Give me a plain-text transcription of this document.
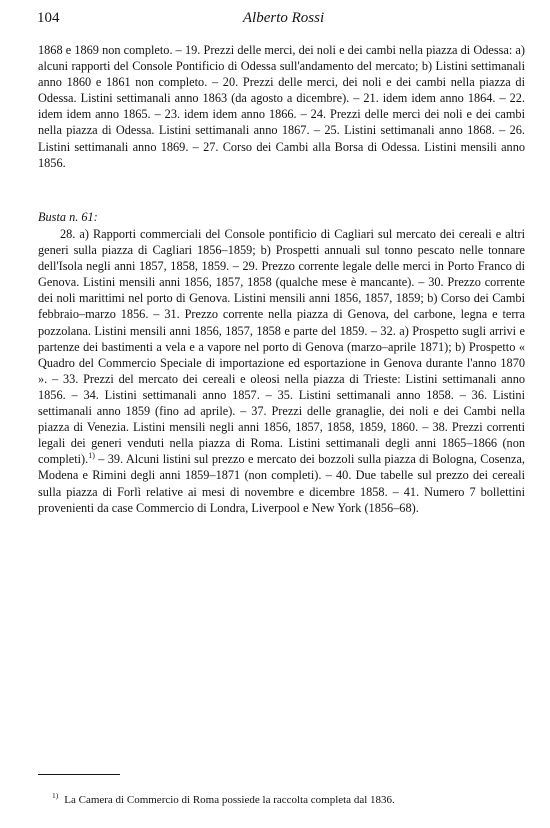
104	Alberto Rossi

1868 e 1869 non completo. – 19. Prezzi delle merci, dei noli e dei cambi nella piazza di Odessa: a) alcuni rapporti del Console Pontificio di Odessa sull'andamento del mercato; b) Listini settimanali anno 1860 e 1861 non completo. – 20. Prezzi delle merci, dei noli e dei cambi nella piazza di Odessa. Listini settimanali anno 1863 (da agosto a dicembre). – 21. idem idem anno 1864. – 22. idem idem anno 1865. – 23. idem idem anno 1866. – 24. Prezzi delle merci dei noli e dei cambi nella piazza di Odessa. Listini settimanali anno 1867. – 25. Listini settimanali anno 1868. – 26. Listini settimanali anno 1869. – 27. Corso dei Cambi alla Borsa di Odessa. Listini mensili anno 1856.

Busta n. 61:

28. a) Rapporti commerciali del Console pontificio di Cagliari sul mercato dei cereali e altri generi sulla piazza di Cagliari 1856–1859; b) Prospetti annuali sul tonno pescato nelle tonnare dell'Isola negli anni 1857, 1858, 1859. – 29. Prezzo corrente legale delle merci in Porto Franco di Genova. Listini mensili anni 1856, 1857, 1858 (qualche mese è mancante). – 30. Prezzo corrente dei noli marittimi nel porto di Genova. Listini mensili anni 1856, 1857, 1859; b) Corso dei Cambi febbraio–marzo 1856. – 31. Prezzo corrente nella piazza di Genova, del carbone, legna e terra pozzolana. Listini mensili anni 1856, 1857, 1858 e parte del 1859. – 32. a) Prospetto sugli arrivi e partenze dei bastimenti a vela e a vapore nel porto di Genova (marzo–aprile 1871); b) Prospetto « Quadro del Commercio Speciale di importazione ed esportazione in Genova durante l'anno 1870 ». – 33. Prezzi del mercato dei cereali e oleosi nella piazza di Trieste: Listini settimanali anno 1856. – 34. Listini settimanali anno 1857. – 35. Listini settimanali anno 1858. – 36. Listini settimanali anno 1859 (fino ad aprile). – 37. Prezzi delle granaglie, dei noli e dei Cambi nella piazza di Venezia. Listini mensili negli anni 1856, 1857, 1858, 1859, 1860. – 38. Prezzi correnti legali dei generi venduti nella piazza di Roma. Listini settimanali degli anni 1865–1866 (non completi).$^{1)}$ – 39. Alcuni listini sul prezzo e mercato dei bozzoli sulla piazza di Bologna, Cosenza, Modena e Rimini degli anni 1859–1871 (non completi). – 40. Due tabelle sul prezzo dei cereali sulla piazza di Forlì relative ai mesi di novembre e dicembre 1858. – 41. Numero 7 bollettini provenienti da case Commercio di Londra, Liverpool e New York (1856–68).

$^{1)}$ La Camera di Commercio di Roma possiede la raccolta completa dal 1836.
